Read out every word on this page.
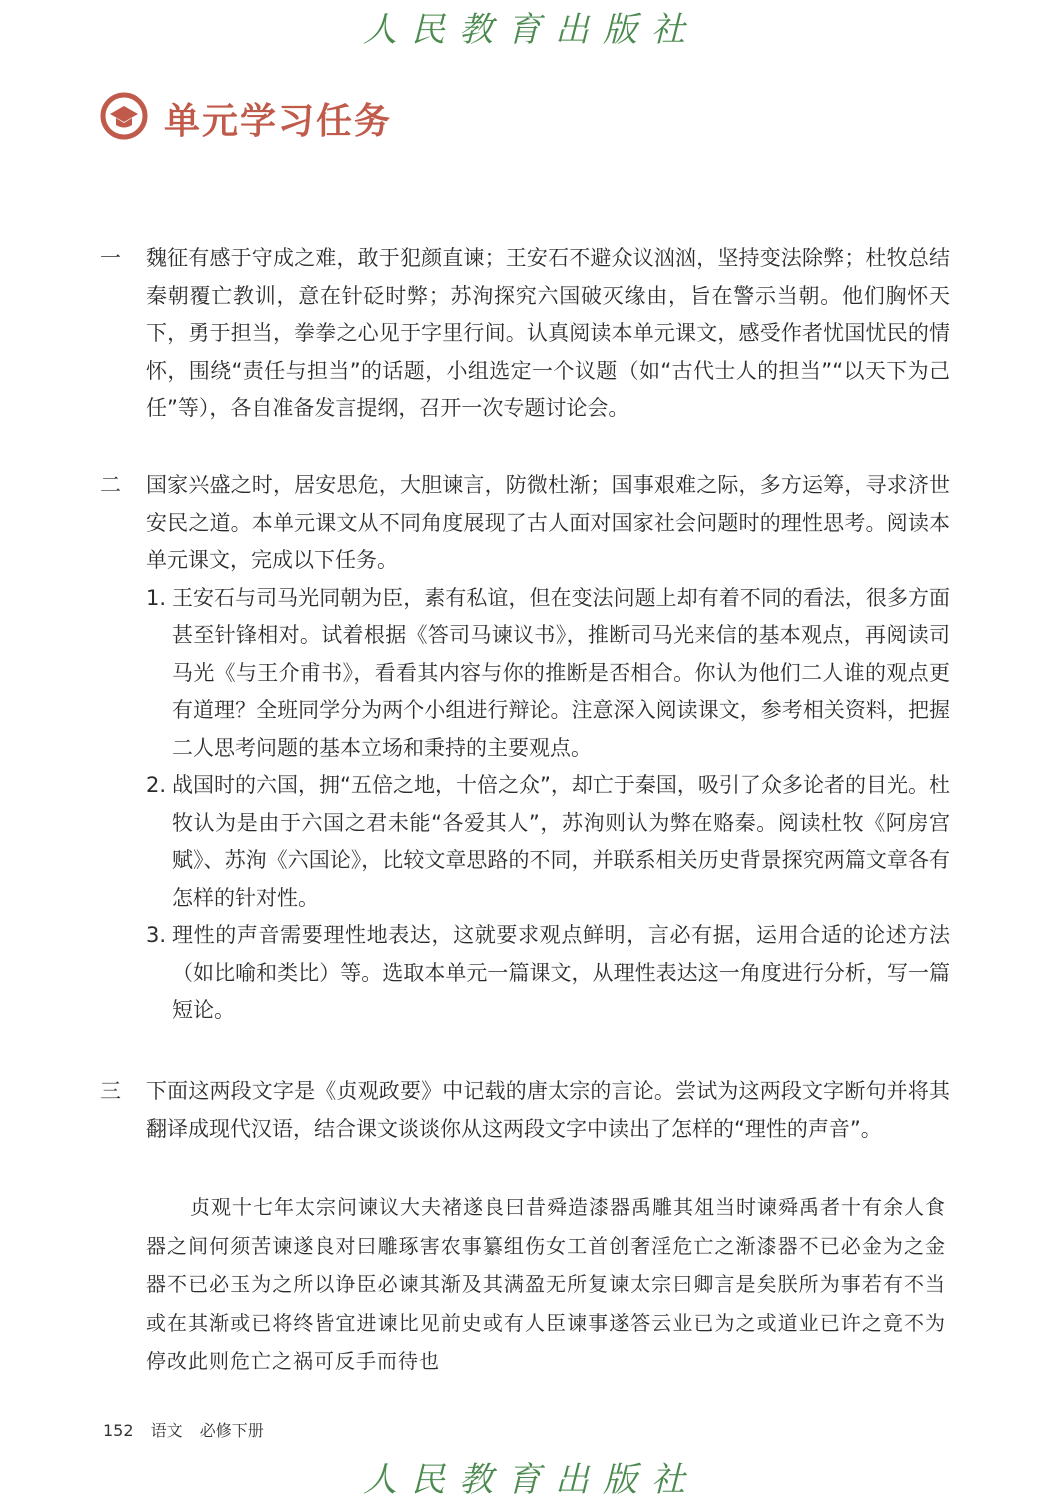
人民教育出版社
单元学习任务
一	魏征有感于守成之难，敢于犯颜直谏；王安石不避众议汹汹，坚持变法除弊；杜牧总结秦朝覆亡教训，意在针砭时弊；苏洵探究六国破灭缘由，旨在警示当朝。他们胸怀天下，勇于担当，拳拳之心见于字里行间。认真阅读本单元课文，感受作者忧国忧民的情怀，围绕“责任与担当”的话题，小组选定一个议题（如“古代士人的担当”“以天下为己任”等），各自准备发言提纲，召开一次专题讨论会。
二	国家兴盛之时，居安思危，大胆谏言，防微杜渐；国事艰难之际，多方运筹，寻求济世安民之道。本单元课文从不同角度展现了古人面对国家社会问题时的理性思考。阅读本单元课文，完成以下任务。
1. 王安石与司马光同朝为臣，素有私谊，但在变法问题上却有着不同的看法，很多方面甚至针锋相对。试着根据《答司马谏议书》，推断司马光来信的基本观点，再阅读司马光《与王介甫书》，看看其内容与你的推断是否相合。你认为他们二人谁的观点更有道理？全班同学分为两个小组进行辩论。注意深入阅读课文，参考相关资料，把握二人思考问题的基本立场和秉持的主要观点。
2. 战国时的六国，拥“五倍之地，十倍之众”，却亡于秦国，吸引了众多论者的目光。杜牧认为是由于六国之君未能“各爱其人”，苏洵则认为弊在赂秦。阅读杜牧《阿房宫赋》、苏洵《六国论》，比较文章思路的不同，并联系相关历史背景探究两篇文章各有怎样的针对性。
3. 理性的声音需要理性地表达，这就要求观点鲜明，言必有据，运用合适的论述方法（如比喻和类比）等。选取本单元一篇课文，从理性表达这一角度进行分析，写一篇短论。
三	下面这两段文字是《贞观政要》中记载的唐太宗的言论。尝试为这两段文字断句并将其翻译成现代汉语，结合课文谈谈你从这两段文字中读出了怎样的“理性的声音”。
贞观十七年太宗问谏议大夫褚遂良曰昔舜造漆器禹雕其俎当时谏舜禹者十有余人食器之间何须苦谏遂良对曰雕琢害农事纂组伤女工首创奢淫危亡之渐漆器不已必金为之金器不已必玉为之所以诤臣必谏其渐及其满盈无所复谏太宗曰卿言是矣朕所为事若有不当或在其渐或已将终皆宜进谏比见前史或有人臣谏事遂答云业已为之或道业已许之竟不为停改此则危亡之祸可反手而待也
152 语文 必修下册
人民教育出版社
